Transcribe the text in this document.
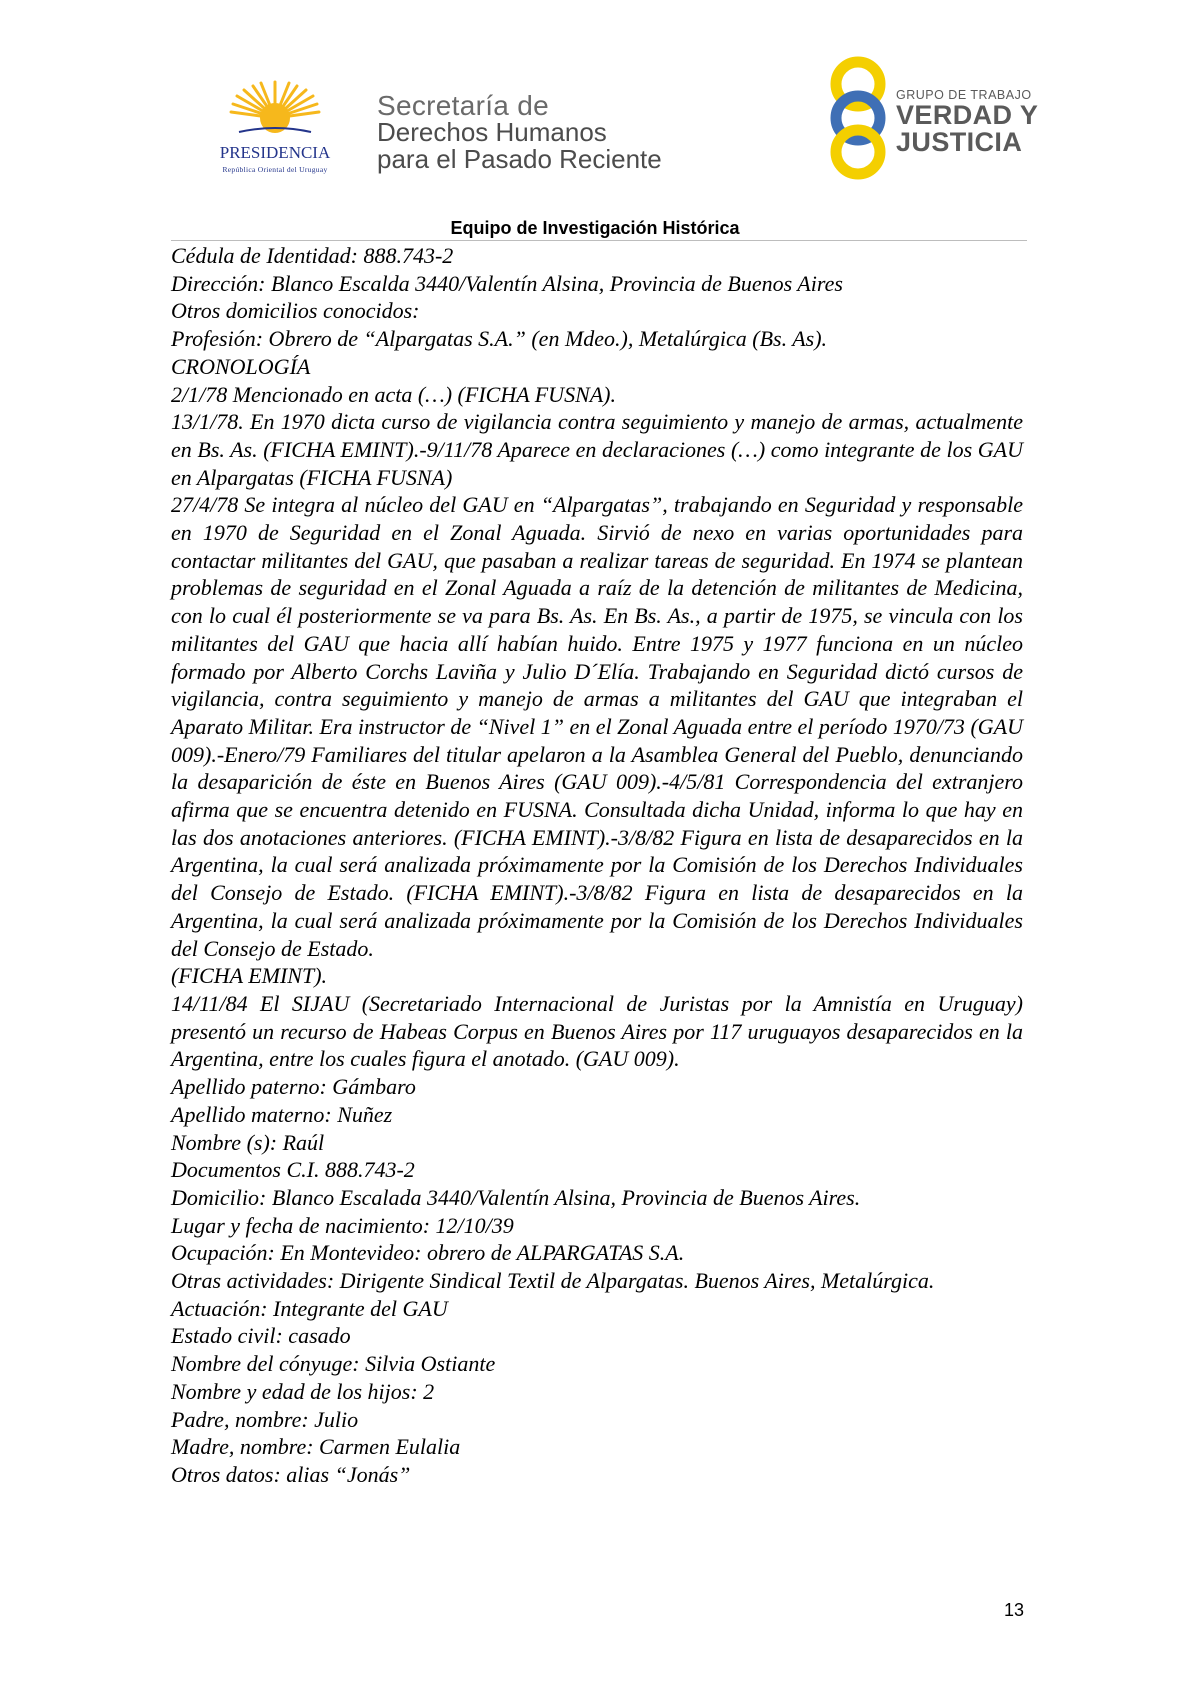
PRESIDENCIA
República Oriental del Uruguay
Secretaría de
Derechos Humanos
para el Pasado Reciente
GRUPO DE TRABAJO
VERDAD Y
JUSTICIA
Equipo de Investigación Histórica

Cédula de Identidad: 888.743-2

Dirección: Blanco Escalda 3440/Valentín Alsina, Provincia de Buenos Aires

Otros domicilios conocidos:

Profesión: Obrero de “Alpargatas S.A.” (en Mdeo.), Metalúrgica (Bs. As).

CRONOLOGÍA

2/1/78 Mencionado en acta (…) (FICHA FUSNA).

13/1/78. En 1970 dicta curso de vigilancia contra seguimiento y manejo de armas, actualmente en Bs. As. (FICHA EMINT).-9/11/78 Aparece en declaraciones (…) como integrante de los GAU en Alpargatas (FICHA FUSNA)

27/4/78 Se integra al núcleo del GAU en “Alpargatas”, trabajando en Seguridad y responsable en 1970 de Seguridad en el Zonal Aguada. Sirvió de nexo en varias oportunidades para contactar militantes del GAU, que pasaban a realizar tareas de seguridad. En 1974 se plantean problemas de seguridad en el Zonal Aguada a raíz de la detención de militantes de Medicina, con lo cual él posteriormente se va para Bs. As. En Bs. As., a partir de 1975, se vincula con los militantes del GAU que hacia allí habían huido. Entre 1975 y 1977 funciona en un núcleo formado por Alberto Corchs Laviña y Julio D´Elía. Trabajando en Seguridad dictó cursos de vigilancia, contra seguimiento y manejo de armas a militantes del GAU que integraban el Aparato Militar. Era instructor de “Nivel 1” en el Zonal Aguada entre el período 1970/73 (GAU 009).-Enero/79 Familiares del titular apelaron a la Asamblea General del Pueblo, denunciando la desaparición de éste en Buenos Aires (GAU 009).-4/5/81 Correspondencia del extranjero afirma que se encuentra detenido en FUSNA. Consultada dicha Unidad, informa lo que hay en las dos anotaciones anteriores. (FICHA EMINT).-3/8/82 Figura en lista de desaparecidos en la Argentina, la cual será analizada próximamente por la Comisión de los Derechos Individuales del Consejo de Estado. (FICHA EMINT).-3/8/82 Figura en lista de desaparecidos en la Argentina, la cual será analizada próximamente por la Comisión de los Derechos Individuales del Consejo de Estado.

(FICHA EMINT).

14/11/84 El SIJAU (Secretariado Internacional de Juristas por la Amnistía en Uruguay) presentó un recurso de Habeas Corpus en Buenos Aires por 117 uruguayos desaparecidos en la Argentina, entre los cuales figura el anotado. (GAU 009).

Apellido paterno: Gámbaro

Apellido materno: Nuñez

Nombre (s): Raúl

Documentos C.I. 888.743-2

Domicilio: Blanco Escalada 3440/Valentín Alsina, Provincia de Buenos Aires.

Lugar y fecha de nacimiento: 12/10/39

Ocupación: En Montevideo: obrero de ALPARGATAS S.A.

Otras actividades: Dirigente Sindical Textil de Alpargatas. Buenos Aires, Metalúrgica.

Actuación: Integrante del GAU

Estado civil: casado

Nombre del cónyuge: Silvia Ostiante

Nombre y edad de los hijos: 2

Padre, nombre: Julio

Madre, nombre: Carmen Eulalia

Otros datos: alias “Jonás”

13
